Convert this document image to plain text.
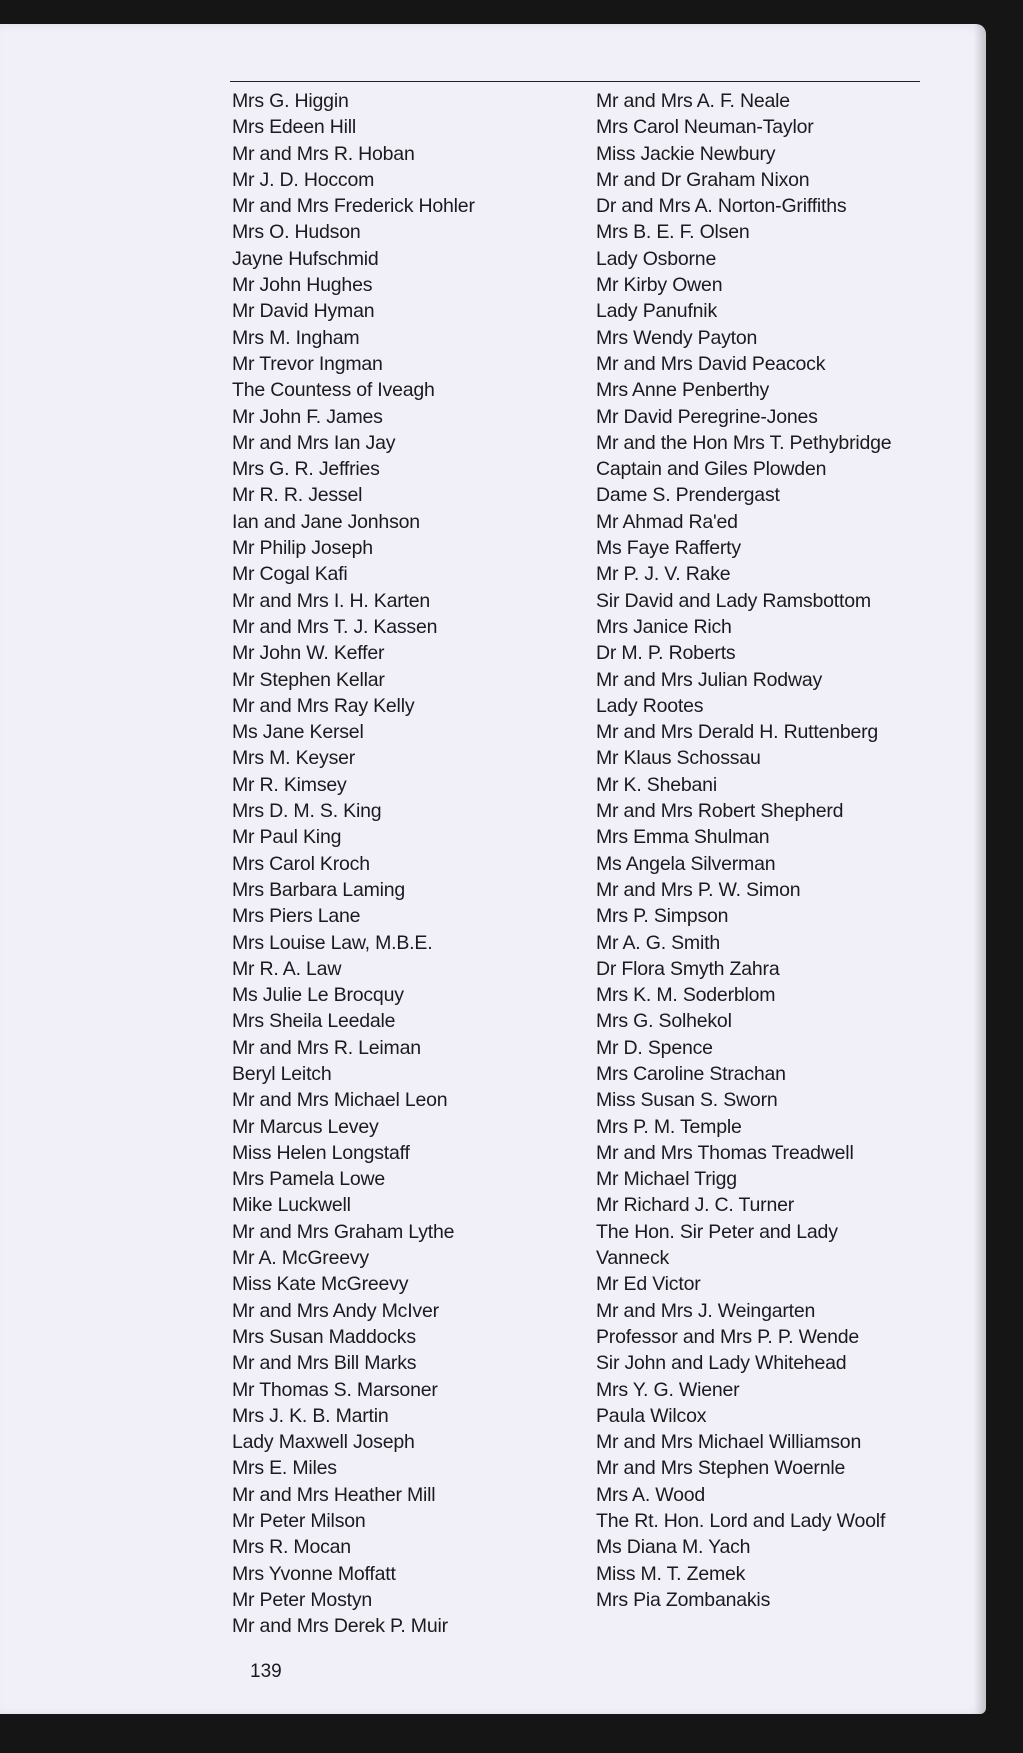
Mrs G. Higgin
Mrs Edeen Hill
Mr and Mrs R. Hoban
Mr J. D. Hoccom
Mr and Mrs Frederick Hohler
Mrs O. Hudson
Jayne Hufschmid
Mr John Hughes
Mr David Hyman
Mrs M. Ingham
Mr Trevor Ingman
The Countess of Iveagh
Mr John F. James
Mr and Mrs Ian Jay
Mrs G. R. Jeffries
Mr R. R. Jessel
Ian and Jane Jonhson
Mr Philip Joseph
Mr Cogal Kafi
Mr and Mrs I. H. Karten
Mr and Mrs T. J. Kassen
Mr John W. Keffer
Mr Stephen Kellar
Mr and Mrs Ray Kelly
Ms Jane Kersel
Mrs M. Keyser
Mr R. Kimsey
Mrs D. M. S. King
Mr Paul King
Mrs Carol Kroch
Mrs Barbara Laming
Mrs Piers Lane
Mrs Louise Law, M.B.E.
Mr R. A. Law
Ms Julie Le Brocquy
Mrs Sheila Leedale
Mr and Mrs R. Leiman
Beryl Leitch
Mr and Mrs Michael Leon
Mr Marcus Levey
Miss Helen Longstaff
Mrs Pamela Lowe
Mike Luckwell
Mr and Mrs Graham Lythe
Mr A. McGreevy
Miss Kate McGreevy
Mr and Mrs Andy McIver
Mrs Susan Maddocks
Mr and Mrs Bill Marks
Mr Thomas S. Marsoner
Mrs J. K. B. Martin
Lady Maxwell Joseph
Mrs E. Miles
Mr and Mrs Heather Mill
Mr Peter Milson
Mrs R. Mocan
Mrs Yvonne Moffatt
Mr Peter Mostyn
Mr and Mrs Derek P. Muir
Mr and Mrs A. F. Neale
Mrs Carol Neuman-Taylor
Miss Jackie Newbury
Mr and Dr Graham Nixon
Dr and Mrs A. Norton-Griffiths
Mrs B. E. F. Olsen
Lady Osborne
Mr Kirby Owen
Lady Panufnik
Mrs Wendy Payton
Mr and Mrs David Peacock
Mrs Anne Penberthy
Mr David Peregrine-Jones
Mr and the Hon Mrs T. Pethybridge
Captain and Giles Plowden
Dame S. Prendergast
Mr Ahmad Ra'ed
Ms Faye Rafferty
Mr P. J. V. Rake
Sir David and Lady Ramsbottom
Mrs Janice Rich
Dr M. P. Roberts
Mr and Mrs Julian Rodway
Lady Rootes
Mr and Mrs Derald H. Ruttenberg
Mr Klaus Schossau
Mr K. Shebani
Mr and Mrs Robert Shepherd
Mrs Emma Shulman
Ms Angela Silverman
Mr and Mrs P. W. Simon
Mrs P. Simpson
Mr A. G. Smith
Dr Flora Smyth Zahra
Mrs K. M. Soderblom
Mrs G. Solhekol
Mr D. Spence
Mrs Caroline Strachan
Miss Susan S. Sworn
Mrs P. M. Temple
Mr and Mrs Thomas Treadwell
Mr Michael Trigg
Mr Richard J. C. Turner
The Hon. Sir Peter and Lady
Vanneck
Mr Ed Victor
Mr and Mrs J. Weingarten
Professor and Mrs P. P. Wende
Sir John and Lady Whitehead
Mrs Y. G. Wiener
Paula Wilcox
Mr and Mrs Michael Williamson
Mr and Mrs Stephen Woernle
Mrs A. Wood
The Rt. Hon. Lord and Lady Woolf
Ms Diana M. Yach
Miss M. T. Zemek
Mrs Pia Zombanakis
139
